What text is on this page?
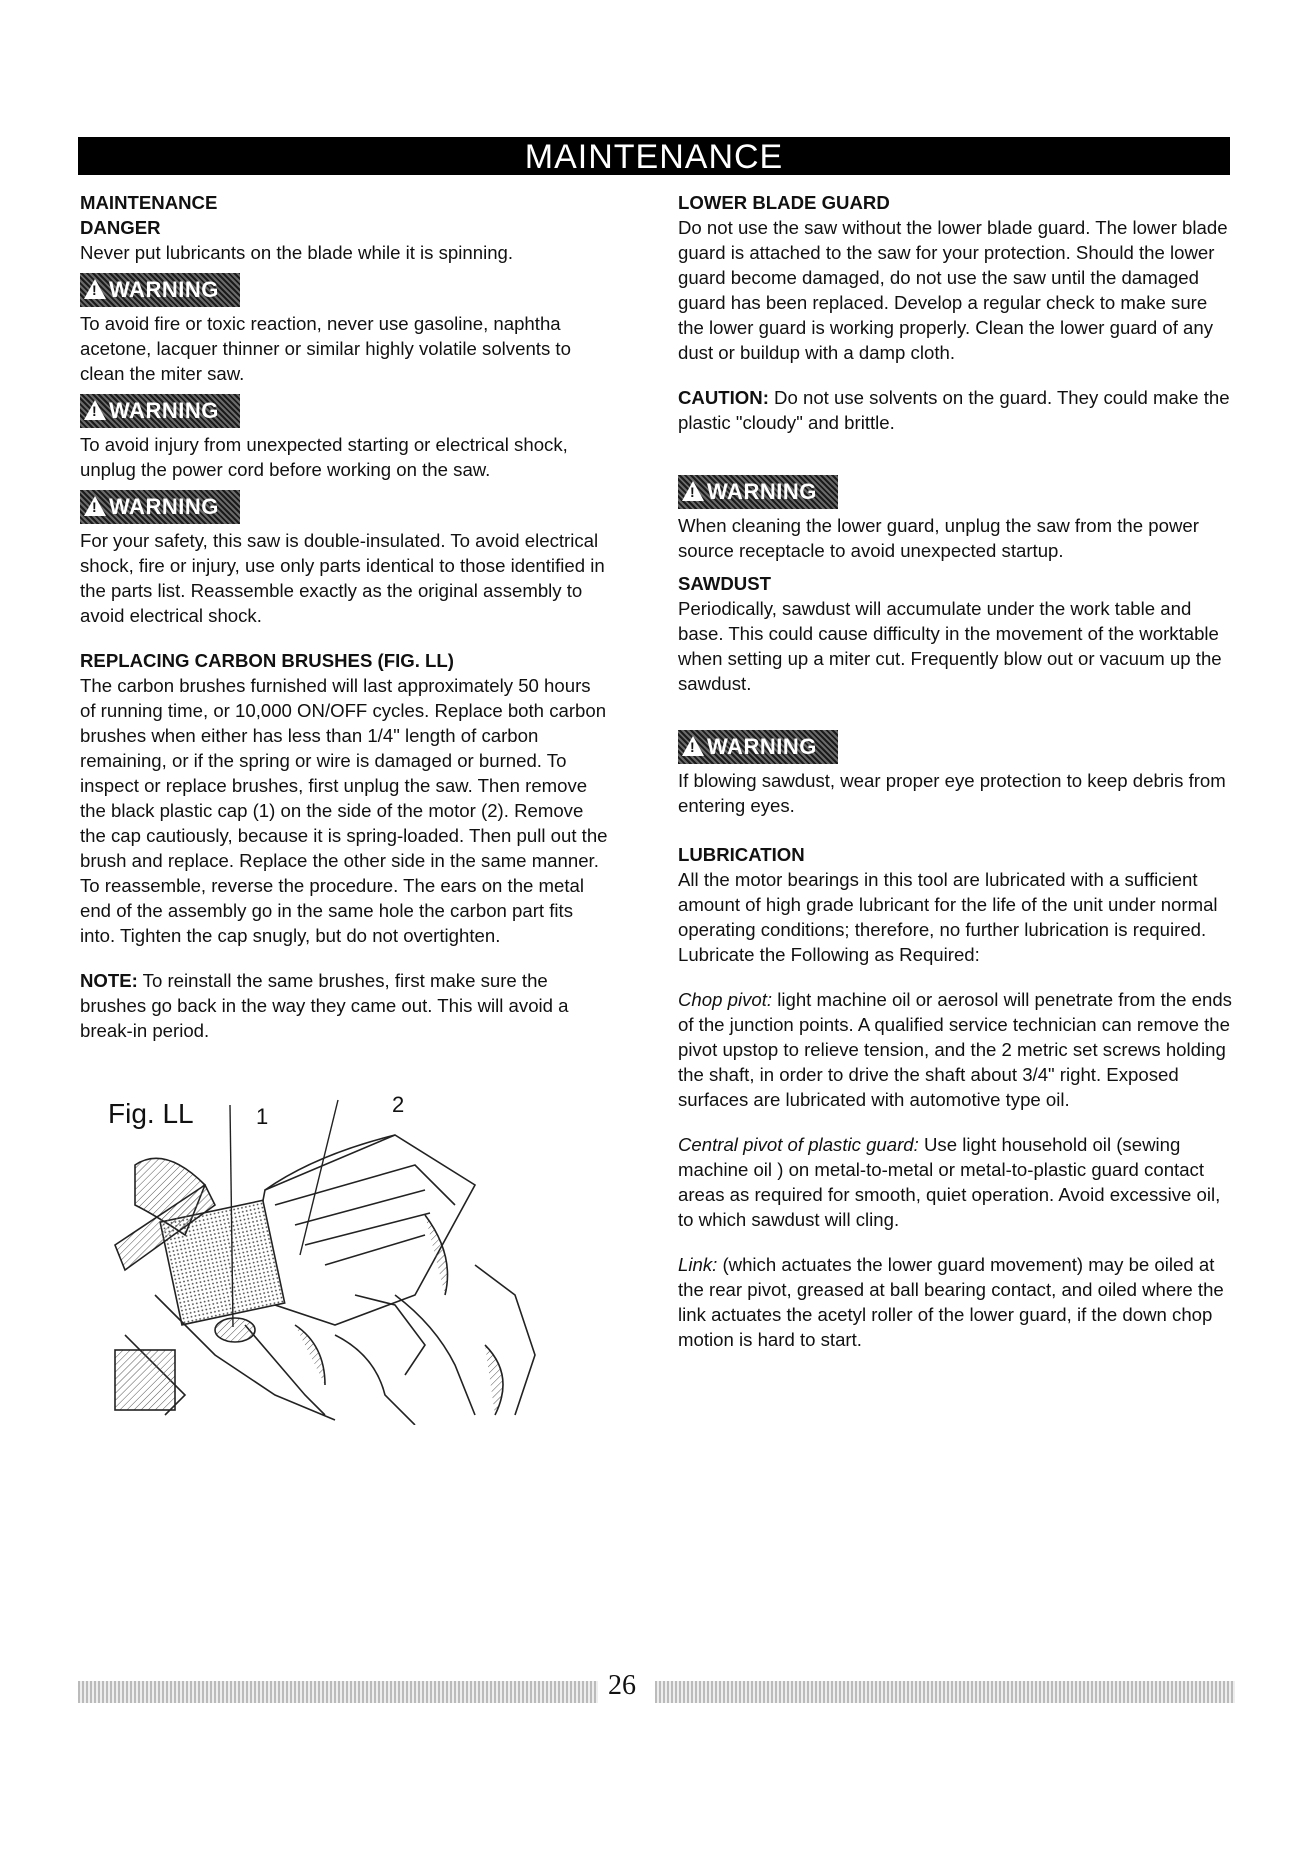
MAINTENANCE
MAINTENANCE
DANGER

Never put lubricants on the blade while it is spinning.

!WARNING

To avoid fire or toxic reaction, never use gasoline, naphtha acetone, lacquer thinner or similar highly volatile solvents to clean the miter saw.

!WARNING

To avoid injury from unexpected starting or electrical shock, unplug the power cord before working on the saw.

!WARNING

For your safety, this saw is double-insulated. To avoid electrical shock, fire or injury, use only parts identical to those identified in the parts list. Reassemble exactly as the original assembly to avoid electrical shock.

REPLACING CARBON BRUSHES (FIG. LL)

The carbon brushes furnished will last approximately 50 hours of running time, or 10,000 ON/OFF cycles. Replace both carbon brushes when either has less than 1/4" length of carbon remaining, or if the spring or wire is damaged or burned. To inspect or replace brushes, first unplug the saw. Then remove the black plastic cap (1) on the side of the motor (2). Remove the cap cautiously, because it is spring-loaded. Then pull out the brush and replace. Replace the other side in the same manner. To reassemble, reverse the procedure. The ears on the metal end of the assembly go in the same hole the carbon part fits into. Tighten the cap snugly, but do not overtighten.

NOTE: To reinstall the same brushes, first make sure the brushes go back in the way they came out. This will avoid a break-in period.

Fig. LL	1	2
LOWER BLADE GUARD

Do not use the saw without the lower blade guard. The lower blade guard is attached to the saw for your protection. Should the lower guard become damaged, do not use the saw until the damaged guard has been replaced. Develop a regular check to make sure the lower guard is working properly. Clean the lower guard of any dust or buildup with a damp cloth.

CAUTION: Do not use solvents on the guard. They could make the plastic "cloudy" and brittle.

!WARNING

When cleaning the lower guard, unplug the saw from the power source receptacle to avoid unexpected startup.

SAWDUST

Periodically, sawdust will accumulate under the work table and base. This could cause difficulty in the movement of the worktable when setting up a miter cut. Frequently blow out or vacuum up the sawdust.

!WARNING

If blowing sawdust, wear proper eye protection to keep debris from entering eyes.

LUBRICATION

All the motor bearings in this tool are lubricated with a sufficient amount of high grade lubricant for the life of the unit under normal operating conditions; therefore, no further lubrication is required.

Lubricate the Following as Required:

Chop pivot: light machine oil or aerosol will penetrate from the ends of the junction points. A qualified service technician can remove the pivot upstop to relieve tension, and the 2 metric set screws holding the shaft, in order to drive the shaft about 3/4" right. Exposed surfaces are lubricated with automotive type oil.

Central pivot of plastic guard: Use light household oil (sewing machine oil ) on metal-to-metal or metal-to-plastic guard contact areas as required for smooth, quiet operation. Avoid excessive oil, to which sawdust will cling.

Link: (which actuates the lower guard movement) may be oiled at the rear pivot, greased at ball bearing contact, and oiled where the link actuates the acetyl roller of the lower guard, if the down chop motion is hard to start.

26
